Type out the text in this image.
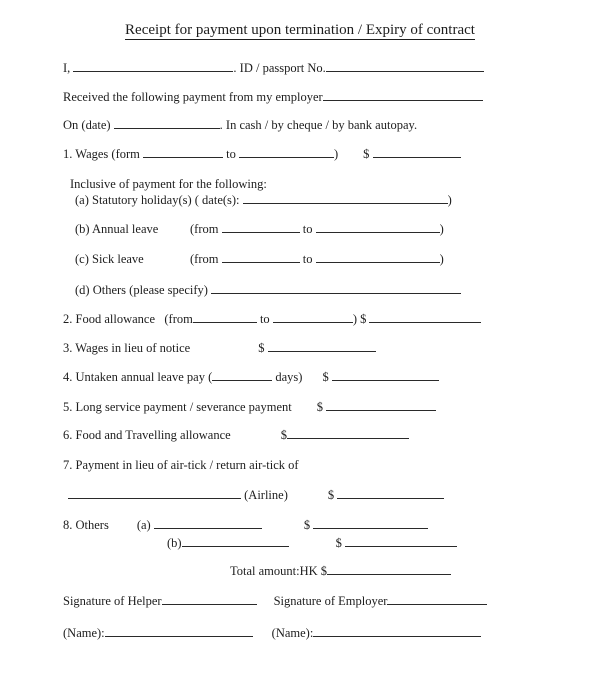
Receipt for payment upon termination / Expiry of contract
I,	. ID / passport No.
Received the following payment from my employer
On (date)	. In cash / by cheque / by bank autopay.
1. Wages (form	to	) $
Inclusive of payment for the following:
(a) Statutory holiday(s) ( date(s):	)
(b) Annual leave	(from	to	)
(c) Sick leave	(from	to	)
(d) Others (please specify)
2. Food allowance   (from	to	) $
3. Wages in lieu of notice	$
4. Untaken annual leave pay (	days) $
5. Long service payment / severance payment $
6. Food and Travelling allowance	$
7. Payment in lieu of air-tick / return air-tick of
(Airline)	$
8. Others (a)	$
(b)	$
Total amount:HK $
Signature of Helper	Signature of Employer
(Name):	(Name):
